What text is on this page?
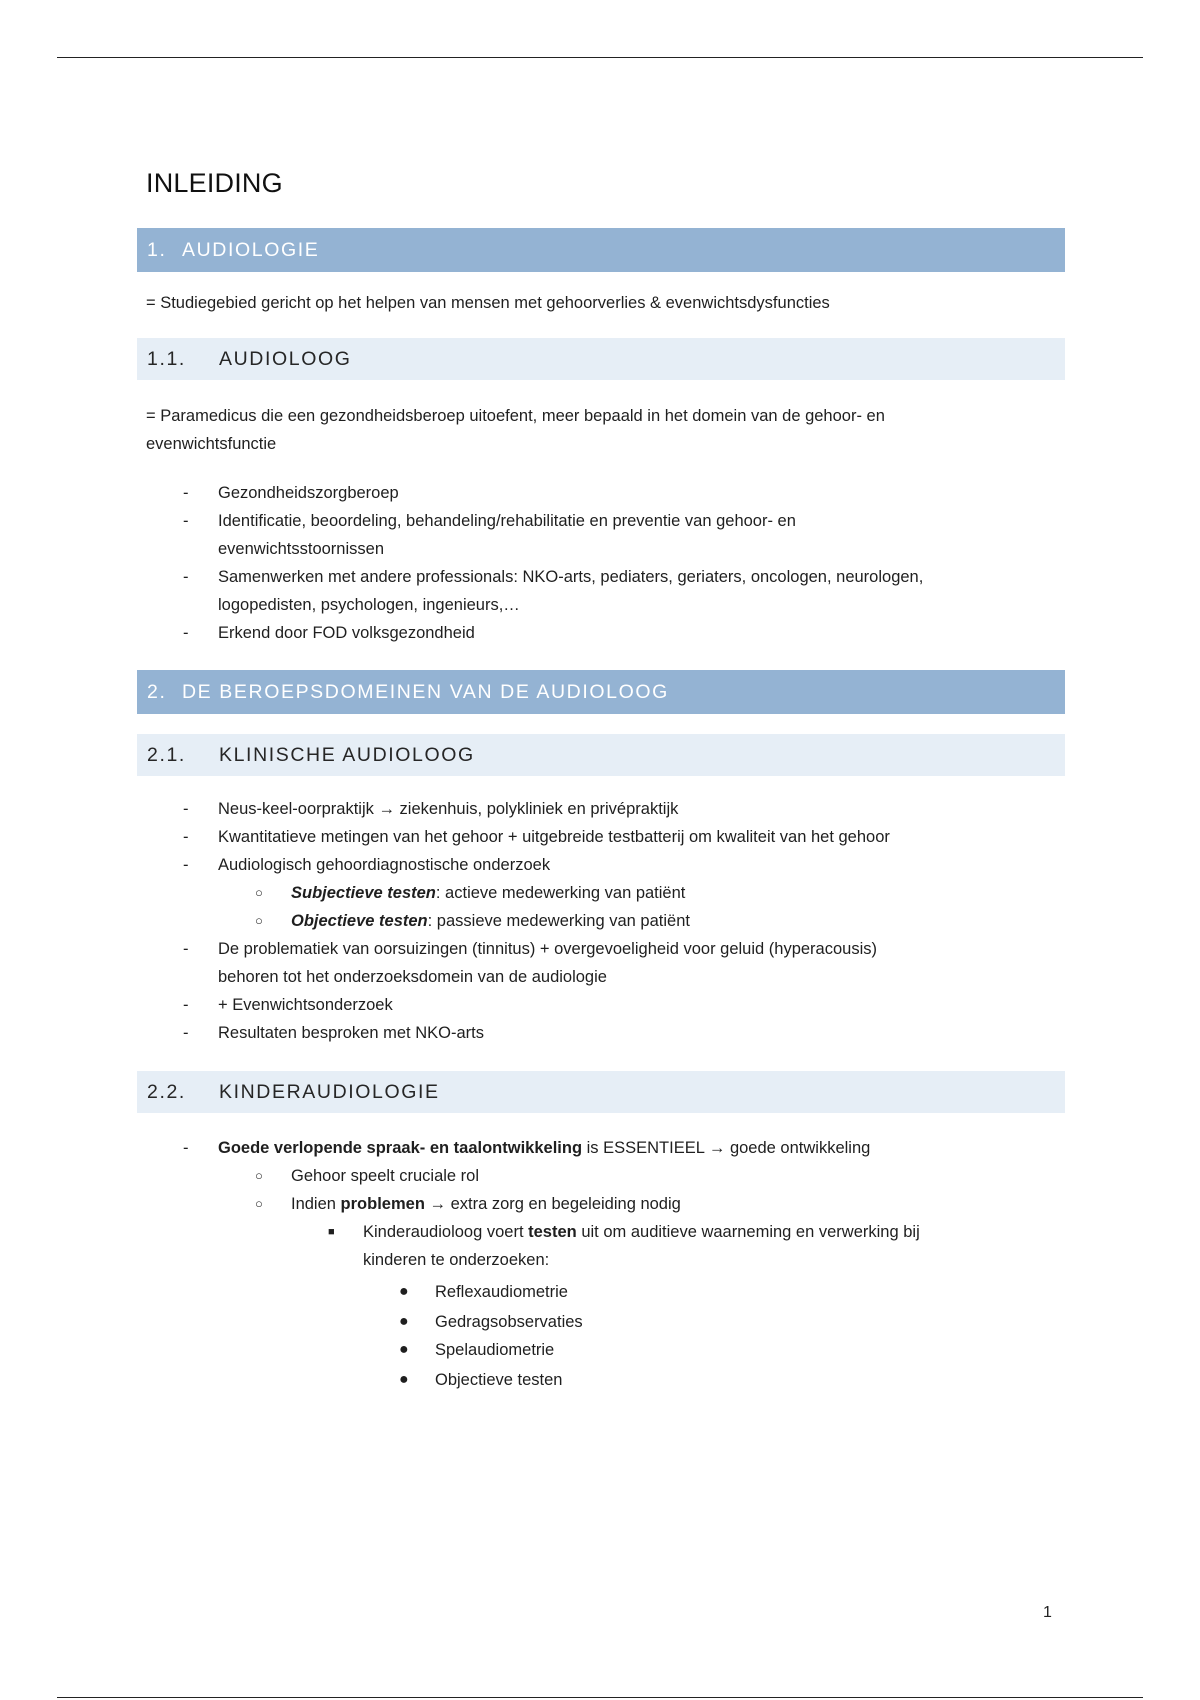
INLEIDING
1. AUDIOLOGIE
= Studiegebied gericht op het helpen van mensen met gehoorverlies & evenwichtsdysfuncties
1.1.	AUDIOLOOG
= Paramedicus die een gezondheidsberoep uitoefent, meer bepaald in het domein van de gehoor- en
evenwichtsfunctie
- Gezondheidszorgberoep
- Identificatie, beoordeling, behandeling/rehabilitatie en preventie van gehoor- en
evenwichtsstoornissen
- Samenwerken met andere professionals: NKO-arts, pediaters, geriaters, oncologen, neurologen,
logopedisten, psychologen, ingenieurs,…
- Erkend door FOD volksgezondheid
2. DE BEROEPSDOMEINEN VAN DE AUDIOLOOG
2.1.	KLINISCHE AUDIOLOOG
- Neus-keel-oorpraktijk → ziekenhuis, polykliniek en privépraktijk
- Kwantitatieve metingen van het gehoor + uitgebreide testbatterij om kwaliteit van het gehoor
- Audiologisch gehoordiagnostische onderzoek
○ Subjectieve testen: actieve medewerking van patiënt
○ Objectieve testen: passieve medewerking van patiënt
- De problematiek van oorsuizingen (tinnitus) + overgevoeligheid voor geluid (hyperacousis)
behoren tot het onderzoeksdomein van de audiologie
- + Evenwichtsonderzoek
- Resultaten besproken met NKO-arts
2.2.	KINDERAUDIOLOGIE
- Goede verlopende spraak- en taalontwikkeling is ESSENTIEEL → goede ontwikkeling
○ Gehoor speelt cruciale rol
○ Indien problemen → extra zorg en begeleiding nodig
■ Kinderaudioloog voert testen uit om auditieve waarneming en verwerking bij
kinderen te onderzoeken:
● Reflexaudiometrie
● Gedragsobservaties
● Spelaudiometrie
● Objectieve testen
1
